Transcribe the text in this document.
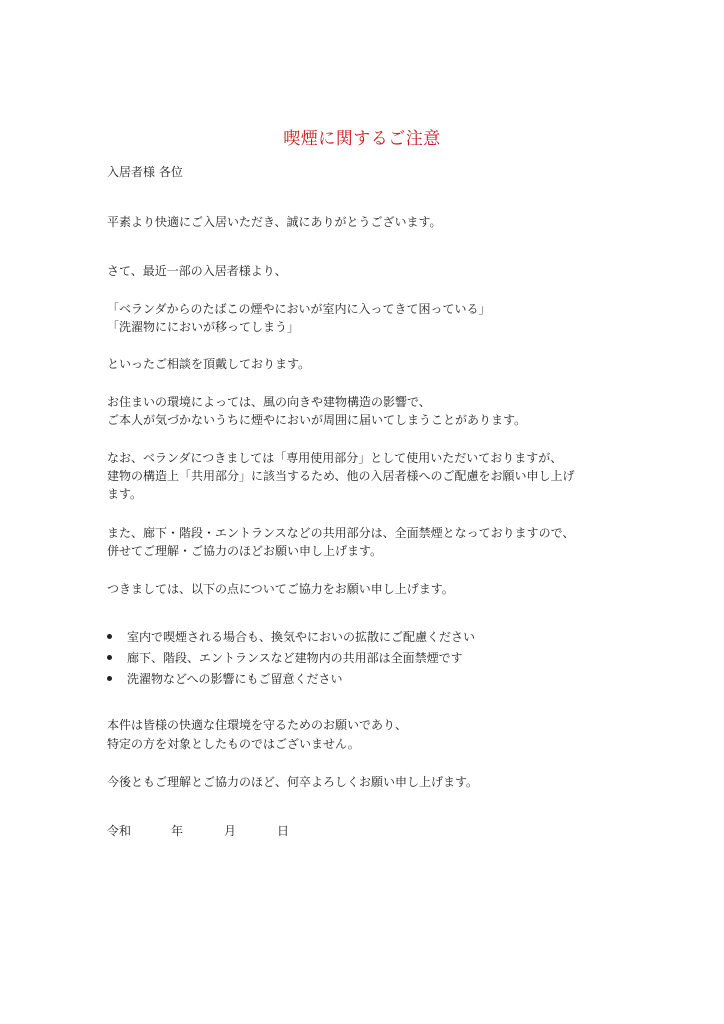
喫煙に関するご注意
入居者様 各位
平素より快適にご入居いただき、誠にありがとうございます。
さて、最近一部の入居者様より、
「ベランダからのたばこの煙やにおいが室内に入ってきて困っている」
「洗濯物ににおいが移ってしまう」
といったご相談を頂戴しております。
お住まいの環境によっては、風の向きや建物構造の影響で、
ご本人が気づかないうちに煙やにおいが周囲に届いてしまうことがあります。
なお、ベランダにつきましては「専用使用部分」として使用いただいておりますが、
建物の構造上「共用部分」に該当するため、他の入居者様へのご配慮をお願い申し上げ
ます。
また、廊下・階段・エントランスなどの共用部分は、全面禁煙となっておりますので、
併せてご理解・ご協力のほどお願い申し上げます。
つきましては、以下の点についてご協力をお願い申し上げます。
室内で喫煙される場合も、換気やにおいの拡散にご配慮ください
廊下、階段、エントランスなど建物内の共用部は全面禁煙です
洗濯物などへの影響にもご留意ください
本件は皆様の快適な住環境を守るためのお願いであり、
特定の方を対象としたものではございません。
今後ともご理解とご協力のほど、何卒よろしくお願い申し上げます。
令和	年	月	日
